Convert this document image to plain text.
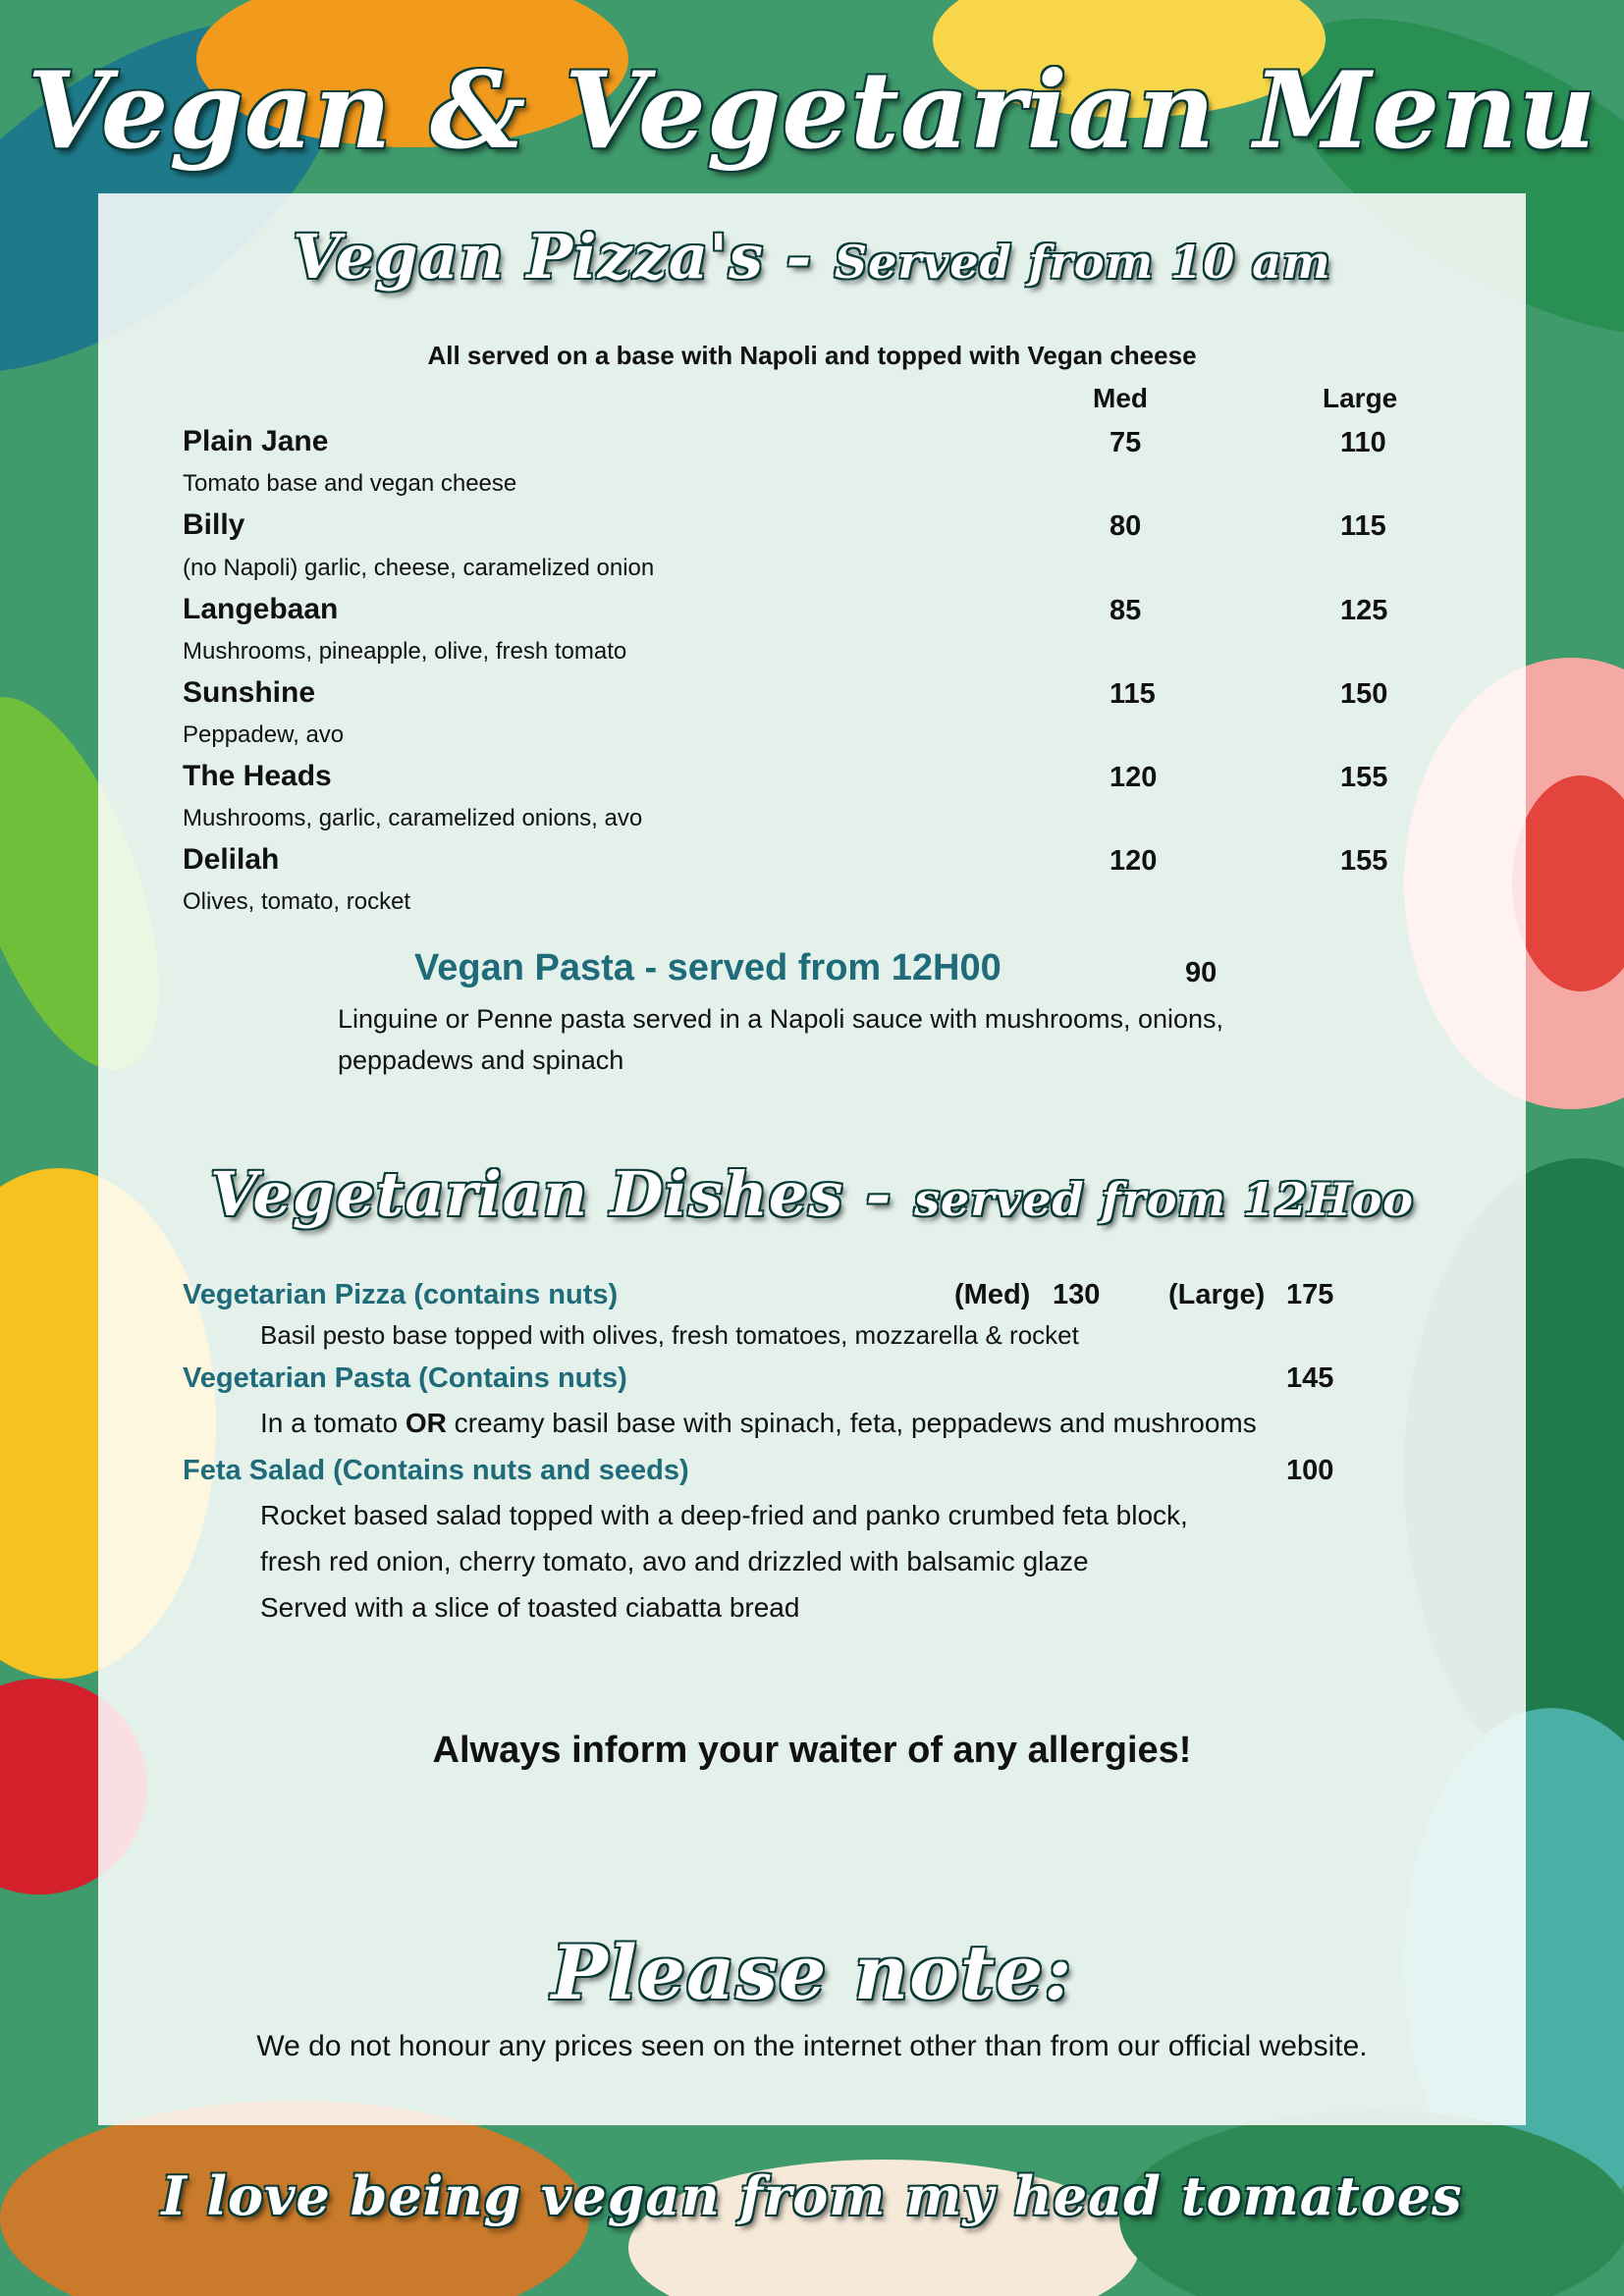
Vegan & Vegetarian Menu
Vegan Pizza's - Served from 10 am
All served on a base with Napoli and topped with Vegan cheese
Med	Large
Plain Jane	75	110
Tomato base and vegan cheese
Billy	80	115
(no Napoli) garlic, cheese, caramelized onion
Langebaan	85	125
Mushrooms, pineapple, olive, fresh tomato
Sunshine	115	150
Peppadew, avo
The Heads	120	155
Mushrooms, garlic, caramelized onions, avo
Delilah	120	155
Olives, tomato, rocket
Vegan Pasta - served from 12H00	90
Linguine or Penne pasta served in a Napoli sauce with mushrooms, onions,
peppadews and spinach
Vegetarian Dishes - served from 12Hoo
Vegetarian Pizza (contains nuts)	(Med) 130 (Large) 175
Basil pesto base topped with olives, fresh tomatoes, mozzarella & rocket
Vegetarian Pasta (Contains nuts)	145
In a tomato OR creamy basil base with spinach, feta, peppadews and mushrooms
Feta Salad (Contains nuts and seeds)	100
Rocket based salad topped with a deep-fried and panko crumbed feta block,
fresh red onion, cherry tomato, avo and drizzled with balsamic glaze
Served with a slice of toasted ciabatta bread
Always inform your waiter of any allergies!
Please note:
We do not honour any prices seen on the internet other than from our official website.
I love being vegan from my head tomatoes
